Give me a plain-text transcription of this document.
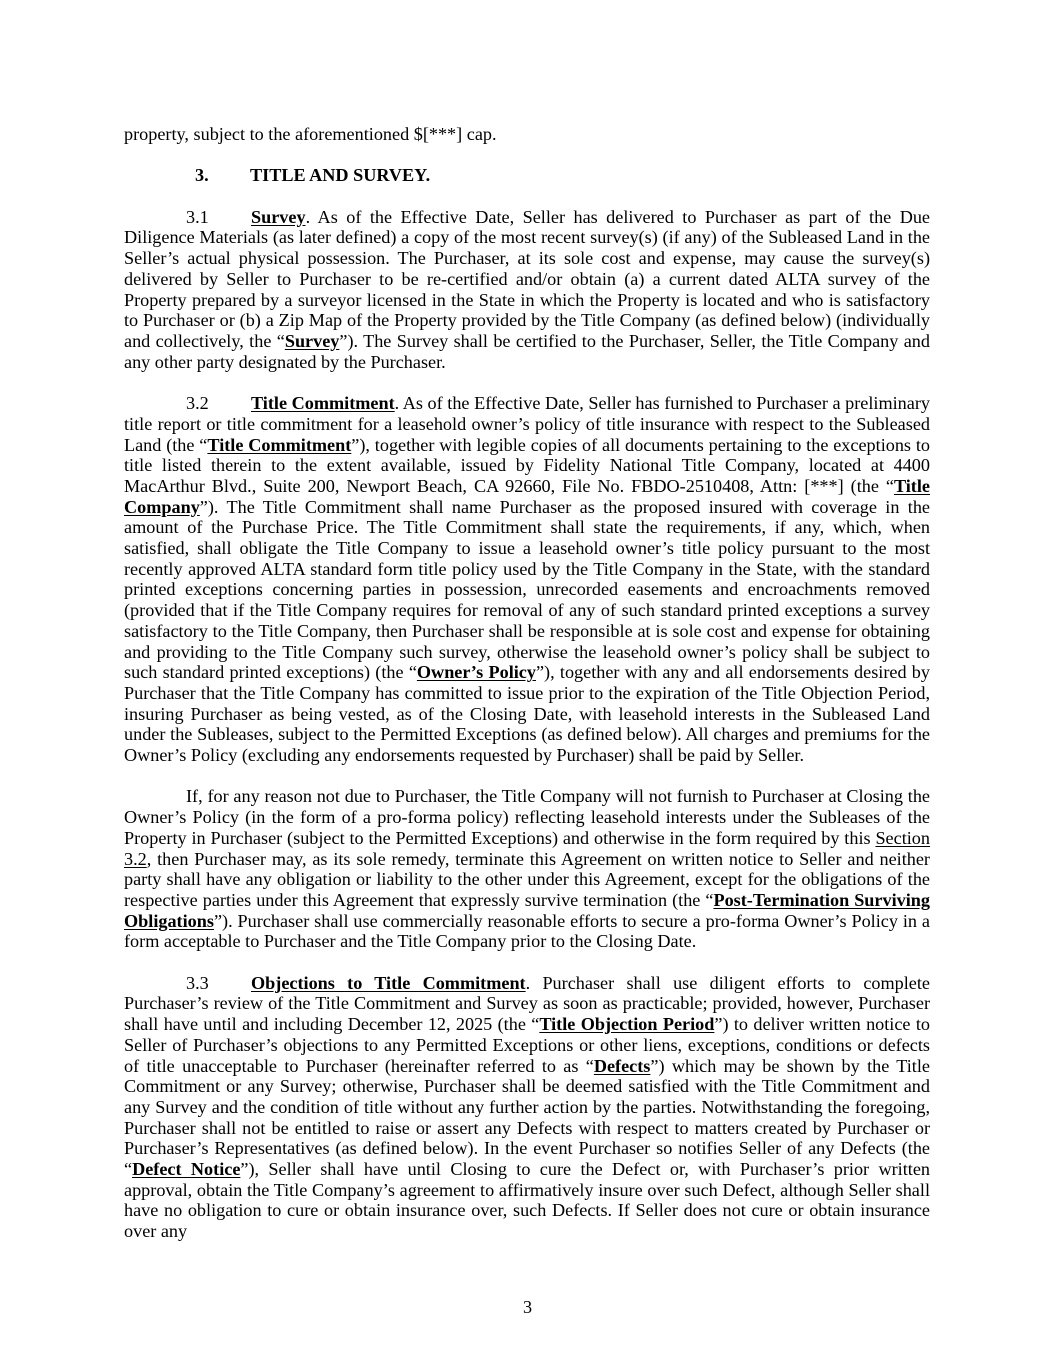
property, subject to the aforementioned $[***] cap.

3. TITLE AND SURVEY.

3.1 Survey. As of the Effective Date, Seller has delivered to Purchaser as part of the Due Diligence Materials (as later defined) a copy of the most recent survey(s) (if any) of the Subleased Land in the Seller’s actual physical possession. The Purchaser, at its sole cost and expense, may cause the survey(s) delivered by Seller to Purchaser to be re-certified and/or obtain (a) a current dated ALTA survey of the Property prepared by a surveyor licensed in the State in which the Property is located and who is satisfactory to Purchaser or (b) a Zip Map of the Property provided by the Title Company (as defined below) (individually and collectively, the “Survey”). The Survey shall be certified to the Purchaser, Seller, the Title Company and any other party designated by the Purchaser.

3.2 Title Commitment. As of the Effective Date, Seller has furnished to Purchaser a preliminary title report or title commitment for a leasehold owner’s policy of title insurance with respect to the Subleased Land (the “Title Commitment”), together with legible copies of all documents pertaining to the exceptions to title listed therein to the extent available, issued by Fidelity National Title Company, located at 4400 MacArthur Blvd., Suite 200, Newport Beach, CA 92660, File No. FBDO-2510408, Attn: [***] (the “Title Company”). The Title Commitment shall name Purchaser as the proposed insured with coverage in the amount of the Purchase Price. The Title Commitment shall state the requirements, if any, which, when satisfied, shall obligate the Title Company to issue a leasehold owner’s title policy pursuant to the most recently approved ALTA standard form title policy used by the Title Company in the State, with the standard printed exceptions concerning parties in possession, unrecorded easements and encroachments removed (provided that if the Title Company requires for removal of any of such standard printed exceptions a survey satisfactory to the Title Company, then Purchaser shall be responsible at is sole cost and expense for obtaining and providing to the Title Company such survey, otherwise the leasehold owner’s policy shall be subject to such standard printed exceptions) (the “Owner’s Policy”), together with any and all endorsements desired by Purchaser that the Title Company has committed to issue prior to the expiration of the Title Objection Period, insuring Purchaser as being vested, as of the Closing Date, with leasehold interests in the Subleased Land under the Subleases, subject to the Permitted Exceptions (as defined below). All charges and premiums for the Owner’s Policy (excluding any endorsements requested by Purchaser) shall be paid by Seller.

If, for any reason not due to Purchaser, the Title Company will not furnish to Purchaser at Closing the Owner’s Policy (in the form of a pro-forma policy) reflecting leasehold interests under the Subleases of the Property in Purchaser (subject to the Permitted Exceptions) and otherwise in the form required by this Section 3.2, then Purchaser may, as its sole remedy, terminate this Agreement on written notice to Seller and neither party shall have any obligation or liability to the other under this Agreement, except for the obligations of the respective parties under this Agreement that expressly survive termination (the “Post-Termination Surviving Obligations”). Purchaser shall use commercially reasonable efforts to secure a pro-forma Owner’s Policy in a form acceptable to Purchaser and the Title Company prior to the Closing Date.

3.3 Objections to Title Commitment. Purchaser shall use diligent efforts to complete Purchaser’s review of the Title Commitment and Survey as soon as practicable; provided, however, Purchaser shall have until and including December 12, 2025 (the “Title Objection Period”) to deliver written notice to Seller of Purchaser’s objections to any Permitted Exceptions or other liens, exceptions, conditions or defects of title unacceptable to Purchaser (hereinafter referred to as “Defects”) which may be shown by the Title Commitment or any Survey; otherwise, Purchaser shall be deemed satisfied with the Title Commitment and any Survey and the condition of title without any further action by the parties. Notwithstanding the foregoing, Purchaser shall not be entitled to raise or assert any Defects with respect to matters created by Purchaser or Purchaser’s Representatives (as defined below). In the event Purchaser so notifies Seller of any Defects (the “Defect Notice”), Seller shall have until Closing to cure the Defect or, with Purchaser’s prior written approval, obtain the Title Company’s agreement to affirmatively insure over such Defect, although Seller shall have no obligation to cure or obtain insurance over, such Defects. If Seller does not cure or obtain insurance over any

3
